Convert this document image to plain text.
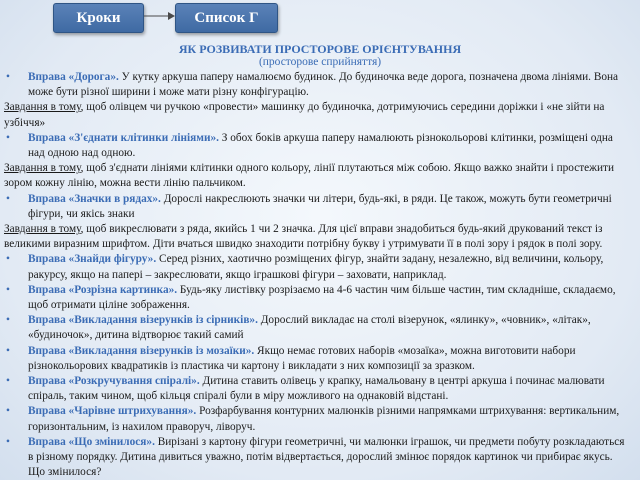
Кроки	Список Г
ЯК РОЗВИВАТИ ПРОСТОРОВЕ ОРІЄНТУВАННЯ
(просторове сприйняття)
• Вправа «Дорога». У кутку аркуша паперу намалюємо будинок. До будиночка веде дорога, позначена двома лініями. Вона може бути різної ширини і може мати різну конфігурацію.
Завдання в тому, щоб олівцем чи ручкою «провести» машинку до будиночка, дотримуючись середини доріжки і «не зійти на узбіччя»
• Вправа «З'єднати клітинки лініями». З обох боків аркуша паперу намалюють різнокольорові клітинки, розміщені одна над одною над одною.
Завдання в тому, щоб з'єднати лініями клітинки одного кольору, лінії плутаються між собою. Якщо важко знайти і простежити зором кожну лінію, можна вести лінію пальчиком.
• Вправа «Значки в рядах». Дорослі накреслюють значки чи літери, будь-які, в ряди. Це також, можуть бути геометричні фігури, чи якісь знаки
Завдання в тому, щоб викреслювати з ряда, якийсь 1 чи 2 значка. Для цієї вправи знадобиться будь-який друкований текст із великими виразним шрифтом. Діти вчаться швидко знаходити потрібну букву і утримувати її в полі зору і рядок в полі зору.
• Вправа «Знайди фігуру». Серед різних, хаотично розміщених фігур, знайти задану, незалежно, від величини, кольору, ракурсу, якщо на папері – закреслювати, якщо іграшкові фігури – заховати, наприклад.
• Вправа «Розрізна картинка». Будь-яку листівку розрізаємо на 4-6 частин чим більше частин, тим складніше, складаємо, щоб отримати ціліне зображення.
• Вправа «Викладання візерунків із сірників». Дорослий викладає на столі візерунок, «ялинку», «човник», «літак», «будиночок», дитина відтворює такий самий
• Вправа «Викладання візерунків із мозаїки». Якщо немає готових наборів «мозаїка», можна виготовити набори різнокольорових квадратиків із пластика чи картону і викладати з них композиції за зразком.
• Вправа «Розкручування спіралі». Дитина ставить олівець у крапку, намальовану в центрі аркуша і починає малювати спіраль, таким чином, щоб кільця спіралі були в міру можливого на однаковій відстані.
• Вправа «Чарівне штрихування». Розфарбування контурних малюнків різними напрямками штрихування: вертикальним, горизонтальним, із нахилом праворуч, ліворуч.
• Вправа «Що змінилося». Вирізані з картону фігури геометричні, чи малюнки іграшок, чи предмети побуту розкладаються в різному порядку. Дитина дивиться уважно, потім відвертається, дорослий змінює порядок картинок чи прибирає якусь. Що змінилося?
